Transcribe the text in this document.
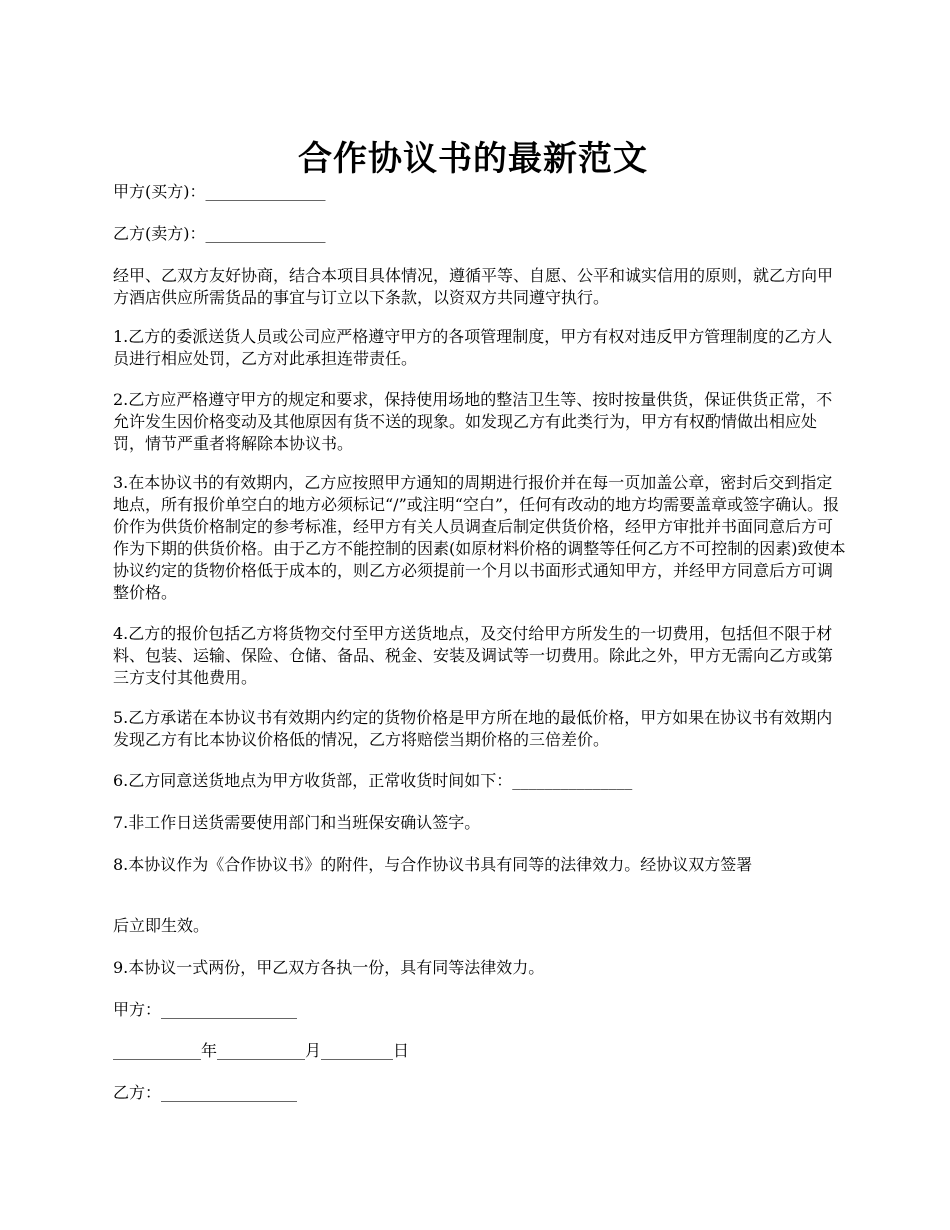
合作协议书的最新范文

甲方(买方)：_______________

乙方(卖方)：_______________

经甲、乙双方友好协商，结合本项目具体情况，遵循平等、自愿、公平和诚实信用的原则，就乙方向甲方酒店供应所需货品的事宜与订立以下条款，以资双方共同遵守执行。

1.乙方的委派送货人员或公司应严格遵守甲方的各项管理制度，甲方有权对违反甲方管理制度的乙方人员进行相应处罚，乙方对此承担连带责任。

2.乙方应严格遵守甲方的规定和要求，保持使用场地的整洁卫生等、按时按量供货，保证供货正常，不允许发生因价格变动及其他原因有货不送的现象。如发现乙方有此类行为，甲方有权酌情做出相应处罚，情节严重者将解除本协议书。

3.在本协议书的有效期内，乙方应按照甲方通知的周期进行报价并在每一页加盖公章，密封后交到指定地点，所有报价单空白的地方必须标记“/”或注明“空白”，任何有改动的地方均需要盖章或签字确认。报价作为供货价格制定的参考标准，经甲方有关人员调查后制定供货价格，经甲方审批并书面同意后方可作为下期的供货价格。由于乙方不能控制的因素(如原材料价格的调整等任何乙方不可控制的因素)致使本协议约定的货物价格低于成本的，则乙方必须提前一个月以书面形式通知甲方，并经甲方同意后方可调整价格。

4.乙方的报价包括乙方将货物交付至甲方送货地点，及交付给甲方所发生的一切费用，包括但不限于材料、包装、运输、保险、仓储、备品、税金、安装及调试等一切费用。除此之外，甲方无需向乙方或第三方支付其他费用。

5.乙方承诺在本协议书有效期内约定的货物价格是甲方所在地的最低价格，甲方如果在协议书有效期内发现乙方有比本协议价格低的情况，乙方将赔偿当期价格的三倍差价。

6.乙方同意送货地点为甲方收货部，正常收货时间如下：_______________

7.非工作日送货需要使用部门和当班保安确认签字。

8.本协议作为《合作协议书》的附件，与合作协议书具有同等的法律效力。经协议双方签署

后立即生效。

9.本协议一式两份，甲乙双方各执一份，具有同等法律效力。

甲方：_________________

___________年___________月_________日

乙方：_________________
